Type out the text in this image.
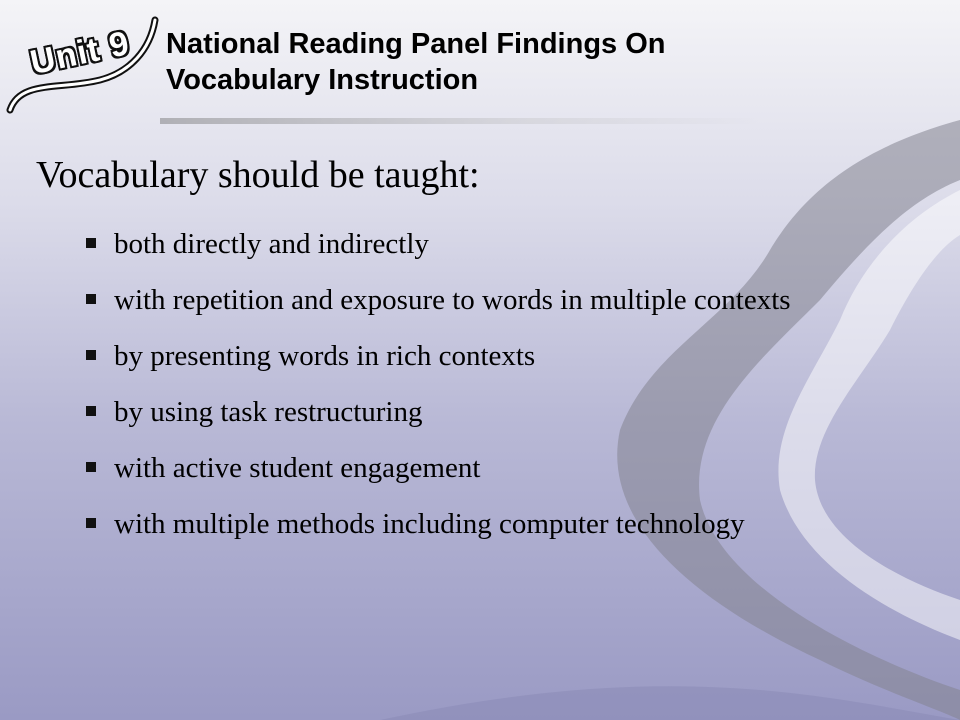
Unit 9 National Reading Panel Findings On
Vocabulary Instruction
Vocabulary should be taught:
both directly and indirectly
with repetition and exposure to words in multiple contexts
by presenting words in rich contexts
by using task restructuring
with active student engagement
with multiple methods including computer technology
